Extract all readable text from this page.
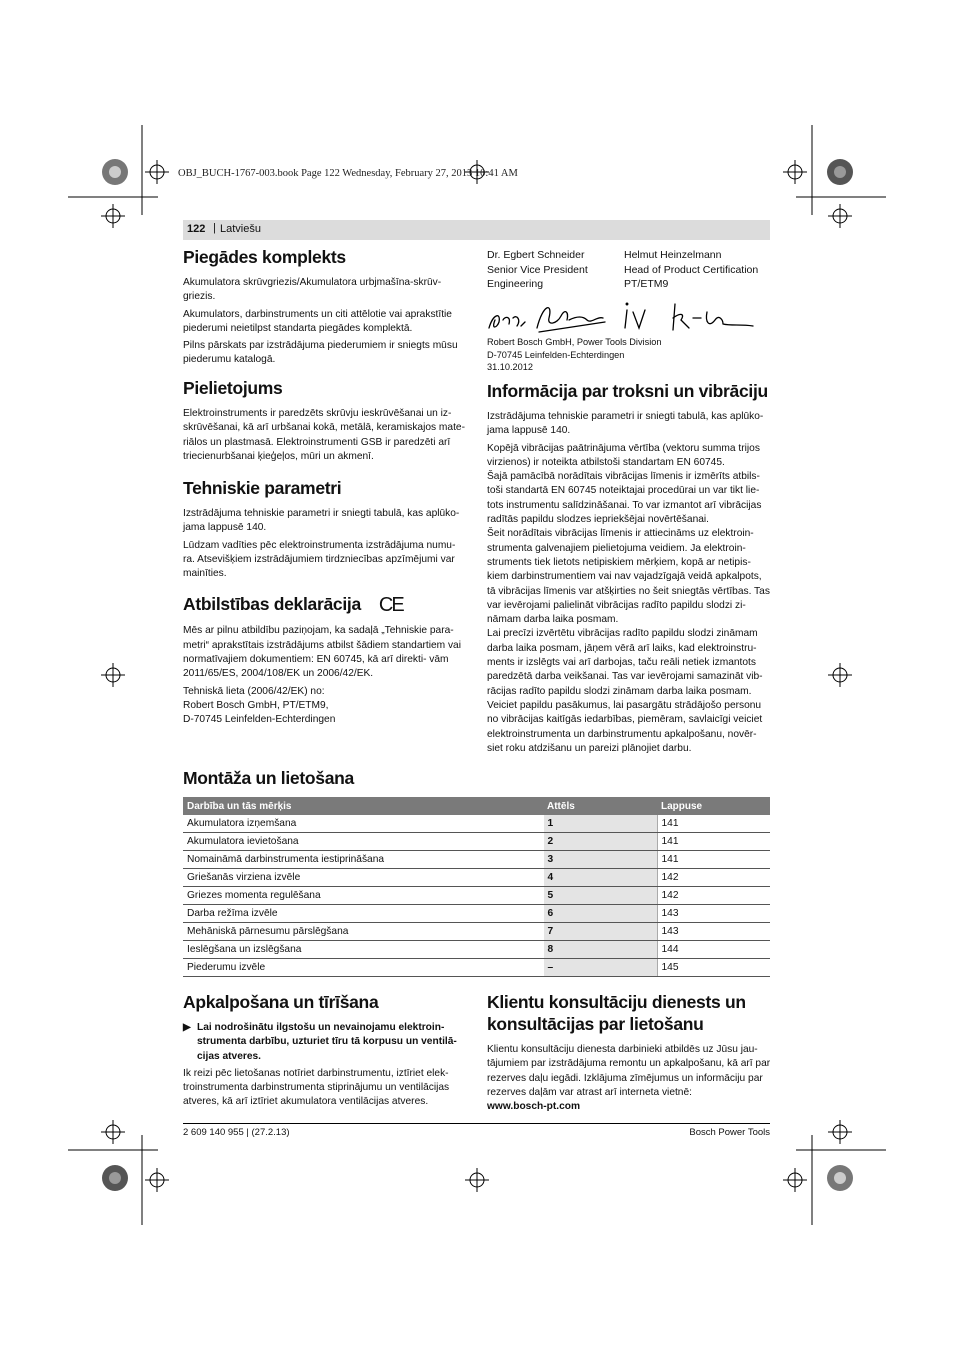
OBJ_BUCH-1767-003.book Page 122 Wednesday, February 27, 2013 10:41 AM
122 | Latviešu
Piegādes komplekts

Akumulatora skrūvgriezis/Akumulatora urbjmašīna-skrūv- griezis.

Akumulators, darbinstruments un citi attēlotie vai aprakstītie piederumi neietilpst standarta piegādes komplektā.

Pilns pārskats par izstrādājuma piederumiem ir sniegts mūsu piederumu katalogā.

Pielietojums

Elektroinstruments ir paredzēts skrūvju ieskrūvēšanai un iz- skrūvēšanai, kā arī urbšanai kokā, metālā, keramiskajos mate- riālos un plastmasā. Elektroinstrumenti GSB ir paredzēti arī triecienurbšanai ķieģeļos, mūri un akmenī.

Tehniskie parametri

Izstrādājuma tehniskie parametri ir sniegti tabulā, kas aplūko- jama lappusē 140.

Lūdzam vadīties pēc elektroinstrumenta izstrādājuma numu- ra. Atsevišķiem izstrādājumiem tirdzniecības apzīmējumi var mainīties.

Atbilstības deklarācija CE

Mēs ar pilnu atbildību paziņojam, ka sadaļā „Tehniskie para- metri“ aprakstītais izstrādājums atbilst šādiem standartiem vai normatīvajiem dokumentiem: EN 60745, kā arī direkti- vām 2011/65/ES, 2004/108/EK un 2006/42/EK.

Tehniskā lieta (2006/42/EK) no:

Robert Bosch GmbH, PT/ETM9,

D-70745 Leinfelden-Echterdingen

Dr. Egbert Schneider
Senior Vice President
Engineering
Helmut Heinzelmann
Head of Product Certification
PT/ETM9
Robert Bosch GmbH, Power Tools Division
D-70745 Leinfelden-Echterdingen
31.10.2012
Informācija par troksni un vibrāciju

Izstrādājuma tehniskie parametri ir sniegti tabulā, kas aplūko- jama lappusē 140.

Kopējā vibrācijas paātrinājuma vērtība (vektoru summa trijos virzienos) ir noteikta atbilstoši standartam EN 60745.

Šajā pamācībā norādītais vibrācijas līmenis ir izmērīts atbils- toši standartā EN 60745 noteiktajai procedūrai un var tikt lie- tots instrumentu salīdzināšanai. To var izmantot arī vibrācijas radītās papildu slodzes iepriekšējai novērtēšanai.

Šeit norādītais vibrācijas līmenis ir attiecināms uz elektroin- strumenta galvenajiem pielietojuma veidiem. Ja elektroin- struments tiek lietots netipiskiem mērķiem, kopā ar netipis- kiem darbinstrumentiem vai nav vajadzīgajā veidā apkalpots, tā vibrācijas līmenis var atšķirties no šeit sniegtās vērtības. Tas var ievērojami palielināt vibrācijas radīto papildu slodzi zi- nāmam darba laika posmam.

Lai precīzi izvērtētu vibrācijas radīto papildu slodzi zināmam darba laika posmam, jāņem vērā arī laiks, kad elektroinstru- ments ir izslēgts vai arī darbojas, taču reāli netiek izmantots paredzētā darba veikšanai. Tas var ievērojami samazināt vib- rācijas radīto papildu slodzi zināmam darba laika posmam.

Veiciet papildu pasākumus, lai pasargātu strādājošo personu no vibrācijas kaitīgās iedarbības, piemēram, savlaicīgi veiciet elektroinstrumenta un darbinstrumentu apkalpošanu, novēr- siet roku atdzišanu un pareizi plānojiet darbu.

Montāža un lietošana
Darbība un tās mērķis	Attēls	Lappuse
Akumulatora izņemšana	1	141
Akumulatora ievietošana	2	141
Nomaināmā darbinstrumenta iestiprināšana	3	141
Griešanās virziena izvēle	4	142
Griezes momenta regulēšana	5	142
Darba režīma izvēle	6	143
Mehāniskā pārnesumu pārslēgšana	7	143
Ieslēgšana un izslēgšana	8	144
Piederumu izvēle	–	145
Apkalpošana un tīrīšana

▶ Lai nodrošinātu ilgstošu un nevainojamu elektroin- strumenta darbību, uzturiet tīru tā korpusu un ventilā- cijas atveres.

Ik reizi pēc lietošanas notīriet darbinstrumentu, iztīriet elek- troinstrumenta darbinstrumenta stiprinājumu un ventilācijas atveres, kā arī iztīriet akumulatora ventilācijas atveres.

Klientu konsultāciju dienests un konsultācijas par lietošanu

Klientu konsultāciju dienesta darbinieki atbildēs uz Jūsu jau- tājumiem par izstrādājuma remontu un apkalpošanu, kā arī par rezerves daļu iegādi. Izklājuma zīmējumus un informāciju par rezerves daļām var atrast arī interneta vietnē:

www.bosch-pt.com

2 609 140 955 | (27.2.13)	Bosch Power Tools
